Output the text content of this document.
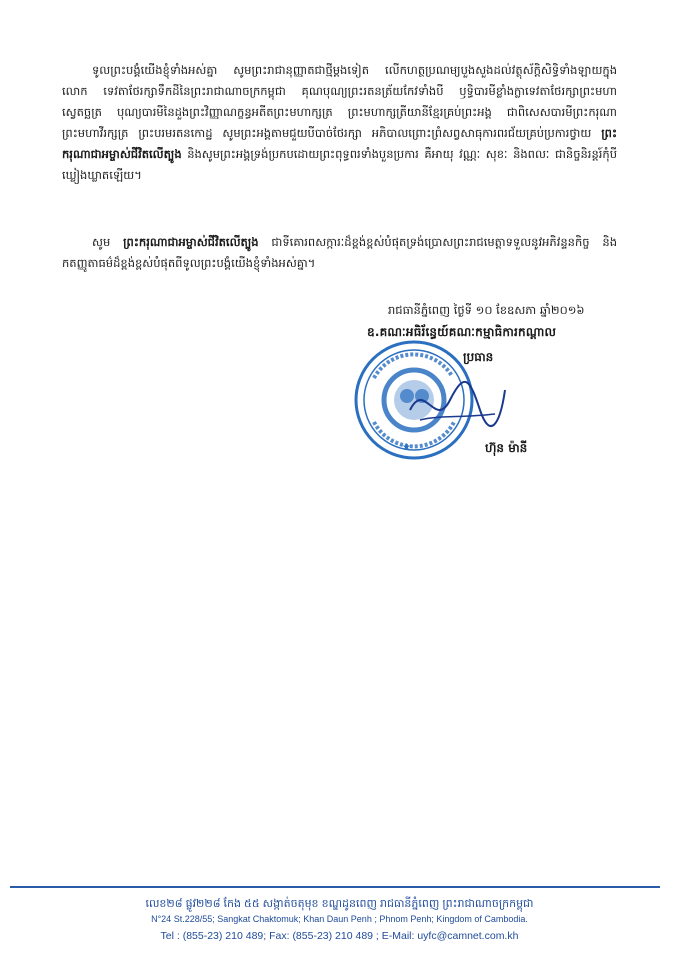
ទូលព្រះបង្គំយើងខ្ញុំទាំងអស់គ្នា សូមព្រះរាជានុញ្ញាតជាថ្មីម្តងទៀត លើកហត្ថប្រណម្យបួងសួងដល់វត្ថុស័ក្តិសិទ្ធិទាំងឡាយក្នុងលោក ទេវតាថែរក្សាទឹកដីនៃព្រះរាជាណាចក្រកម្ពុជា គុណបុណ្យព្រះរតនត្រ័យកែវទាំងបី ឫទ្ធិបារមីខ្លាំងក្លាទេវតាថែរក្សាព្រះមហាស្វេតច្ឆត្រ បុណ្យបារមីនៃដួងព្រះវិញ្ញាណក្ខន្ធអតីតព្រះមហាក្សត្រ ព្រះមហាក្សត្រីយានីខ្មែរគ្រប់ព្រះអង្គ ជាពិសេសបារមីព្រះករុណាព្រះមហាវីរក្សត្រ ព្រះបរមរតនកោដ្ឋ សូមព្រះអង្គតាមជួយបីបាច់ថែរក្សា អភិបាលព្រោះព្រំសព្វសាធុការពរជ័យគ្រប់ប្រការថ្វាយ ព្រះករុណាជាអម្ចាស់ជីវិតលើត្បូង និងសូមព្រះអង្គទ្រង់ប្រកបដោយព្រះពុទ្ធពរទាំងបួនប្រការ គឺអាយុ វណ្ណៈ សុខៈ និងពលៈ ជានិច្ចនិរន្តរ៍កុំបីឃ្លៀងឃ្លាតឡើយ។
សូម ព្រះករុណាជាអម្ចាស់ជីវិតលើត្បូង ជាទីគោរពសក្ការៈដ៏ខ្ពង់ខ្ពស់បំផុតទ្រង់ប្រោសព្រះរាជមេត្តាទទួលនូវអភិវន្ទនកិច្ច និងកតញ្ញូតាធម៌ដ៏ខ្ពង់ខ្ពស់បំផុតពីទូលព្រះបង្គំយើងខ្ញុំទាំងអស់គ្នា។
រាជធានីភ្នំពេញ ថ្ងៃទី ១០ ខែឧសភា ឆ្នាំ២០១៦
ឧ.គណៈអធិរ័ន្ធេយ៍គណៈកម្មាធិការកណ្តាល
★
ប្រធាន
ហ៊ុន ម៉ានី
លេខ២៨ ផ្លូវ២២៨ កែង ៥៥ សង្កាត់ចតុមុខ ខណ្ឌដូនពេញ រាជធានីភ្នំពេញ ព្រះរាជាណាចក្រកម្ពុជា
N°24 St.228/55; Sangkat Chaktomuk; Khan Daun Penh ; Phnom Penh; Kingdom of Cambodia.
Tel : (855-23) 210 489; Fax: (855-23) 210 489 ; E-Mail: uyfc@camnet.com.kh
